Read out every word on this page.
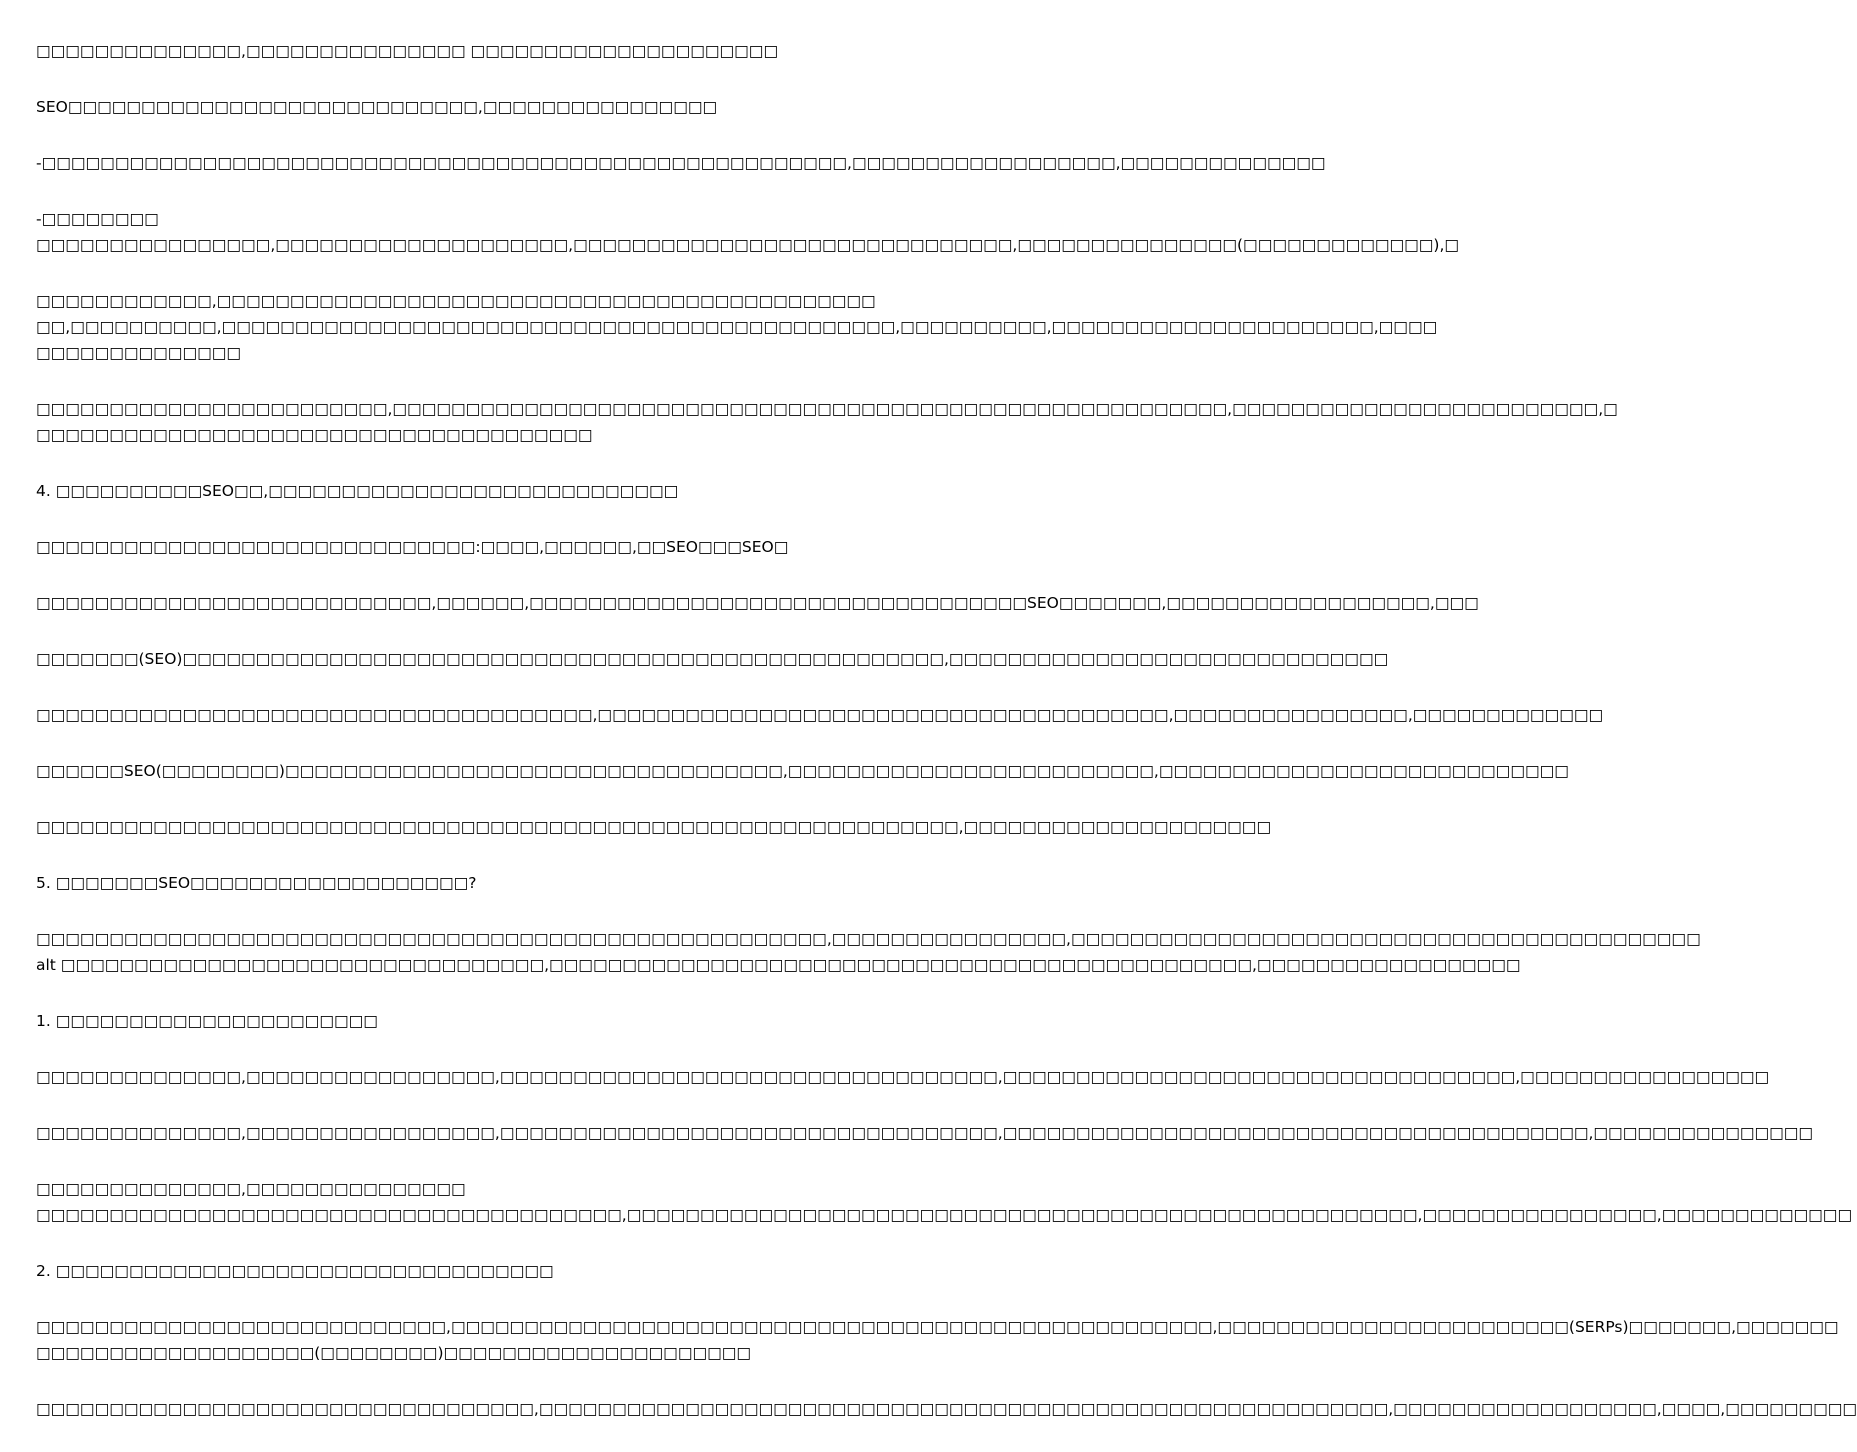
□□□□□□□□□□□□□□,□□□□□□□□□□□□□□□ □□□□□□□□□□□□□□□□□□□□□
SEO□□□□□□□□□□□□□□□□□□□□□□□□□□□□,□□□□□□□□□□□□□□□□
-□□□□□□□□□□□□□□□□□□□□□□□□□□□□□□□□□□□□□□□□□□□□□□□□□□□□□□□,□□□□□□□□□□□□□□□□□□,□□□□□□□□□□□□□□
-□□□□□□□□
□□□□□□□□□□□□□□□□,□□□□□□□□□□□□□□□□□□□□,□□□□□□□□□□□□□□□□□□□□□□□□□□□□□□,□□□□□□□□□□□□□□□(□□□□□□□□□□□□□),□
□□□□□□□□□□□□,□□□□□□□□□□□□□□□□□□□□□□□□□□□□□□□□□□□□□□□□□□□□□
□□,□□□□□□□□□□,□□□□□□□□□□□□□□□□□□□□□□□□□□□□□□□□□□□□□□□□□□□□□□,□□□□□□□□□□,□□□□□□□□□□□□□□□□□□□□□□,□□□□
□□□□□□□□□□□□□□
□□□□□□□□□□□□□□□□□□□□□□□□,□□□□□□□□□□□□□□□□□□□□□□□□□□□□□□□□□□□□□□□□□□□□□□□□□□□□□□□□□,□□□□□□□□□□□□□□□□□□□□□□□□□,□
□□□□□□□□□□□□□□□□□□□□□□□□□□□□□□□□□□□□□□
4. □□□□□□□□□□SEO□□,□□□□□□□□□□□□□□□□□□□□□□□□□□□□
□□□□□□□□□□□□□□□□□□□□□□□□□□□□□□:□□□□,□□□□□□,□□SEO□□□SEO□
□□□□□□□□□□□□□□□□□□□□□□□□□□□,□□□□□□,□□□□□□□□□□□□□□□□□□□□□□□□□□□□□□□□□□SEO□□□□□□□,□□□□□□□□□□□□□□□□□□,□□□
□□□□□□□(SEO)□□□□□□□□□□□□□□□□□□□□□□□□□□□□□□□□□□□□□□□□□□□□□□□□□□□□,□□□□□□□□□□□□□□□□□□□□□□□□□□□□□□
□□□□□□□□□□□□□□□□□□□□□□□□□□□□□□□□□□□□□□,□□□□□□□□□□□□□□□□□□□□□□□□□□□□□□□□□□□□□□□,□□□□□□□□□□□□□□□□,□□□□□□□□□□□□□
□□□□□□SEO(□□□□□□□□)□□□□□□□□□□□□□□□□□□□□□□□□□□□□□□□□□□,□□□□□□□□□□□□□□□□□□□□□□□□□,□□□□□□□□□□□□□□□□□□□□□□□□□□□□
□□□□□□□□□□□□□□□□□□□□□□□□□□□□□□□□□□□□□□□□□□□□□□□□□□□□□□□□□□□□□□□,□□□□□□□□□□□□□□□□□□□□□
5. □□□□□□□SEO□□□□□□□□□□□□□□□□□□□?
□□□□□□□□□□□□□□□□□□□□□□□□□□□□□□□□□□□□□□□□□□□□□□□□□□□□□□,□□□□□□□□□□□□□□□□,□□□□□□□□□□□□□□□□□□□□□□□□□□□□□□□□□□□□□□□□□□□
alt □□□□□□□□□□□□□□□□□□□□□□□□□□□□□□□□□,□□□□□□□□□□□□□□□□□□□□□□□□□□□□□□□□□□□□□□□□□□□□□□□□,□□□□□□□□□□□□□□□□□□
1. □□□□□□□□□□□□□□□□□□□□□□
□□□□□□□□□□□□□□,□□□□□□□□□□□□□□□□□,□□□□□□□□□□□□□□□□□□□□□□□□□□□□□□□□□□,□□□□□□□□□□□□□□□□□□□□□□□□□□□□□□□□□□□,□□□□□□□□□□□□□□□□□
□□□□□□□□□□□□□□,□□□□□□□□□□□□□□□□□,□□□□□□□□□□□□□□□□□□□□□□□□□□□□□□□□□□,□□□□□□□□□□□□□□□□□□□□□□□□□□□□□□□□□□□□□□□□,□□□□□□□□□□□□□□□
□□□□□□□□□□□□□□,□□□□□□□□□□□□□□□
□□□□□□□□□□□□□□□□□□□□□□□□□□□□□□□□□□□□□□□□,□□□□□□□□□□□□□□□□□□□□□□□□□□□□□□□□□□□□□□□□□□□□□□□□□□□□□□,□□□□□□□□□□□□□□□□,□□□□□□□□□□□□□
2. □□□□□□□□□□□□□□□□□□□□□□□□□□□□□□□□□□
□□□□□□□□□□□□□□□□□□□□□□□□□□□□,□□□□□□□□□□□□□□□□□□□□□□□□□□□□□□□□□□□□□□□□□□□□□□□□□□□□,□□□□□□□□□□□□□□□□□□□□□□□□(SERPs)□□□□□□□,□□□□□□□
□□□□□□□□□□□□□□□□□□□(□□□□□□□□)□□□□□□□□□□□□□□□□□□□□□
□□□□□□□□□□□□□□□□□□□□□□□□□□□□□□□□□□,□□□□□□□□□□□□□□□□□□□□□□□□□□□□□□□□□□□□□□□□□□□□□□□□□□□□□□□□□□,□□□□□□□□□□□□□□□□□□,□□□□,□□□□□□□□□
